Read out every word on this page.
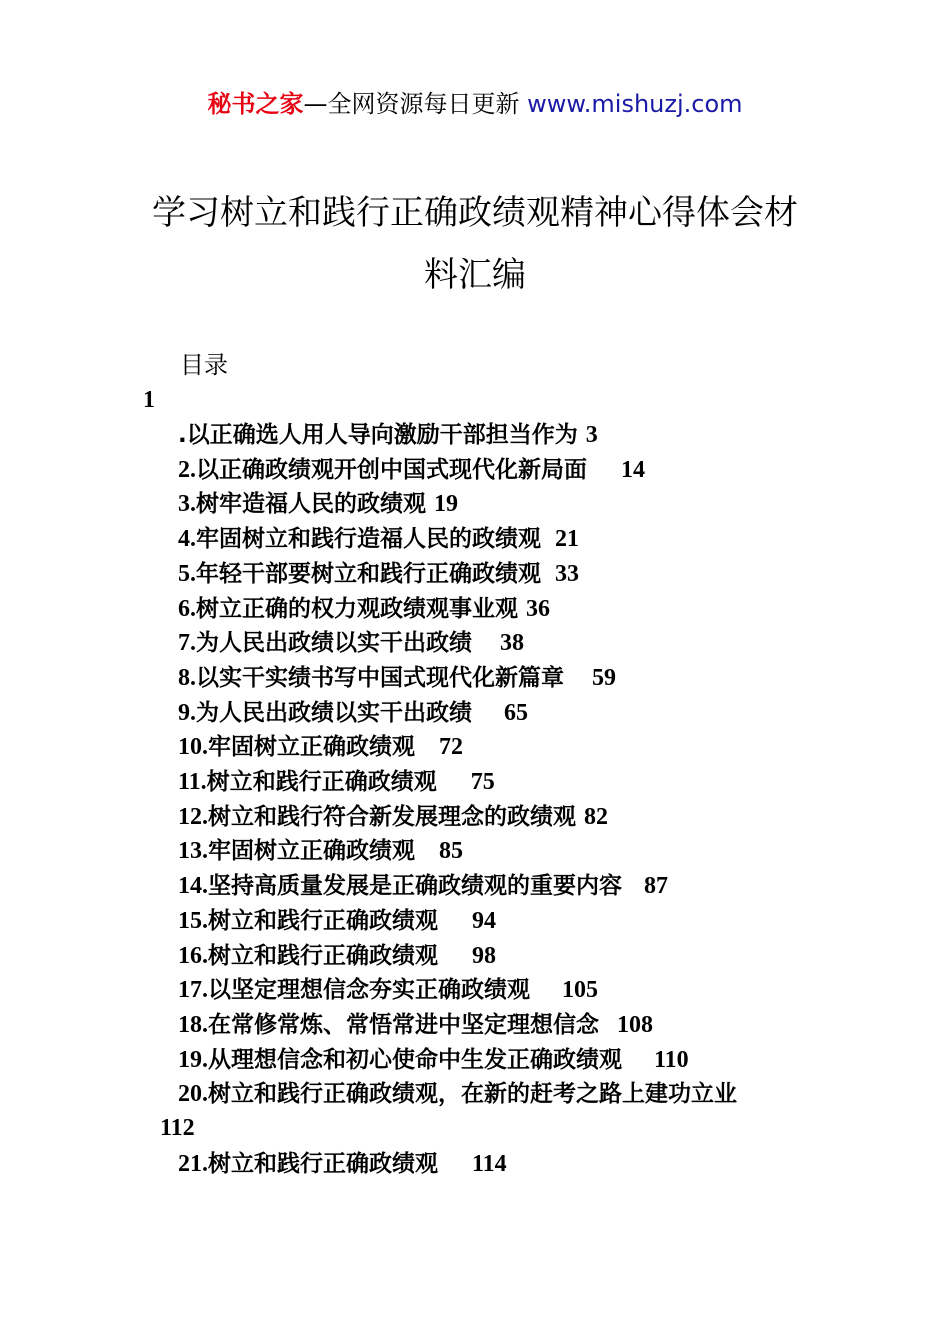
秘书之家—全网资源每日更新 www.mishuzj.com
学习树立和践行正确政绩观精神心得体会材
料汇编
目录
1
.以正确选人用人导向激励干部担当作为 3
2.以正确政绩观开创中国式现代化新局面 14
3.树牢造福人民的政绩观 19
4.牢固树立和践行造福人民的政绩观 21
5.年轻干部要树立和践行正确政绩观 33
6.树立正确的权力观政绩观事业观 36
7.为人民出政绩以实干出政绩 38
8.以实干实绩书写中国式现代化新篇章 59
9.为人民出政绩以实干出政绩 65
10.牢固树立正确政绩观 72
11.树立和践行正确政绩观 75
12.树立和践行符合新发展理念的政绩观 82
13.牢固树立正确政绩观 85
14.坚持高质量发展是正确政绩观的重要内容 87
15.树立和践行正确政绩观 94
16.树立和践行正确政绩观 98
17.以坚定理想信念夯实正确政绩观 105
18.在常修常炼、常悟常进中坚定理想信念 108
19.从理想信念和初心使命中生发正确政绩观 110
20.树立和践行正确政绩观，在新的赶考之路上建功立业
112
21.树立和践行正确政绩观 114
